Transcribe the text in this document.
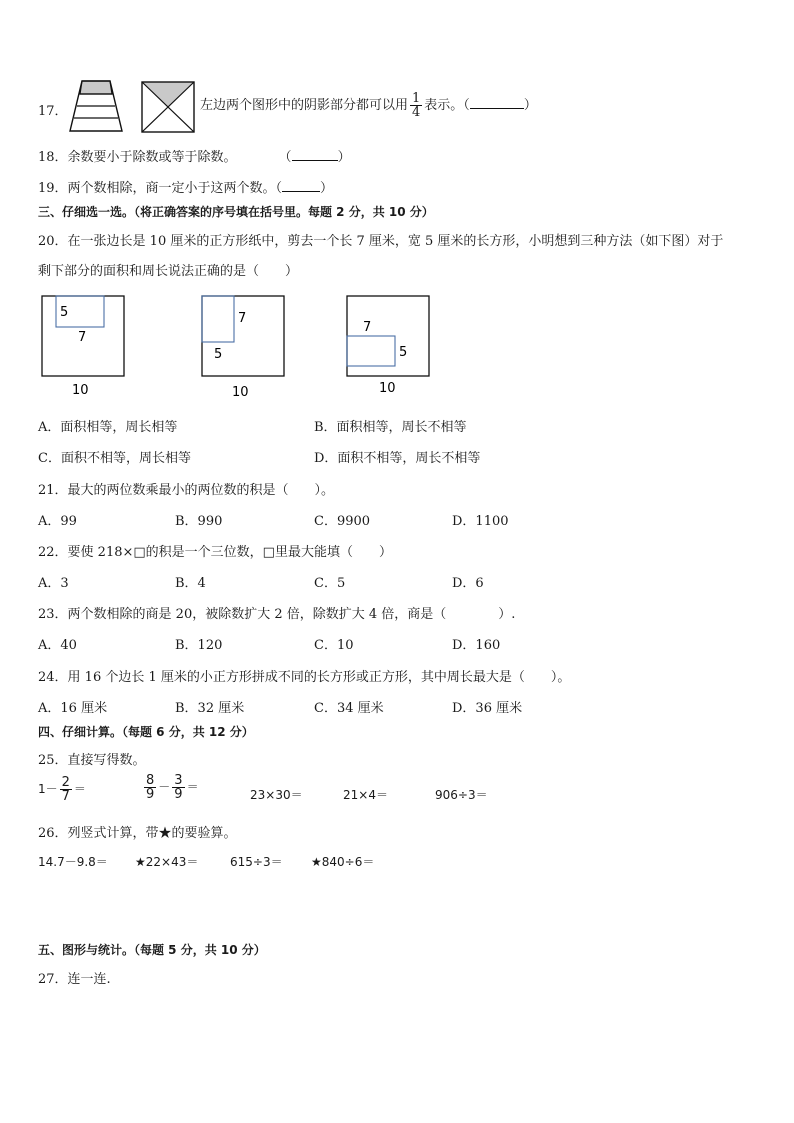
17．	左边两个图形中的阴影部分都可以用 $\frac{1}{4}$ 表示。（	）
18．余数要小于除数或等于除数。	（	）
19．两个数相除，商一定小于这两个数。（	）
三、仔细选一选。（将正确答案的序号填在括号里。每题 2 分，共 10 分）
20．在一张边长是 10 厘米的正方形纸中，剪去一个长 7 厘米，宽 5 厘米的长方形，小明想到三种方法（如下图）对于
剩下部分的面积和周长说法正确的是（　　）
5
7
10
7
5
10
7
5
10
A．面积相等，周长相等	B．面积相等，周长不相等
C．面积不相等，周长相等	D．面积不相等，周长不相等
21．最大的两位数乘最小的两位数的积是（　　）。
A．99	B．990	C．9900	D．1100
22．要使 218×□的积是一个三位数，□里最大能填（　　）
A．3	B．4	C．5	D．6
23．两个数相除的商是 20，被除数扩大 2 倍，除数扩大 4 倍，商是（　　　　）.
A．40	B．120	C．10	D．160
24．用 16 个边长 1 厘米的小正方形拼成不同的长方形或正方形，其中周长最大是（　　）。
A．16 厘米	B．32 厘米	C．34 厘米	D．36 厘米
四、仔细计算。（每题 6 分，共 12 分）
25．直接写得数。
$1- \frac{2}{7}$ ＝	$\frac{8}{9} - \frac{3}{9}$ ＝
23×30＝	21×4＝	906÷3＝
26．列竖式计算，带★的要验算。
14.7－9.8＝ ★22×43＝	615÷3＝ ★840÷6＝
五、图形与统计。（每题 5 分，共 10 分）
27．连一连.
